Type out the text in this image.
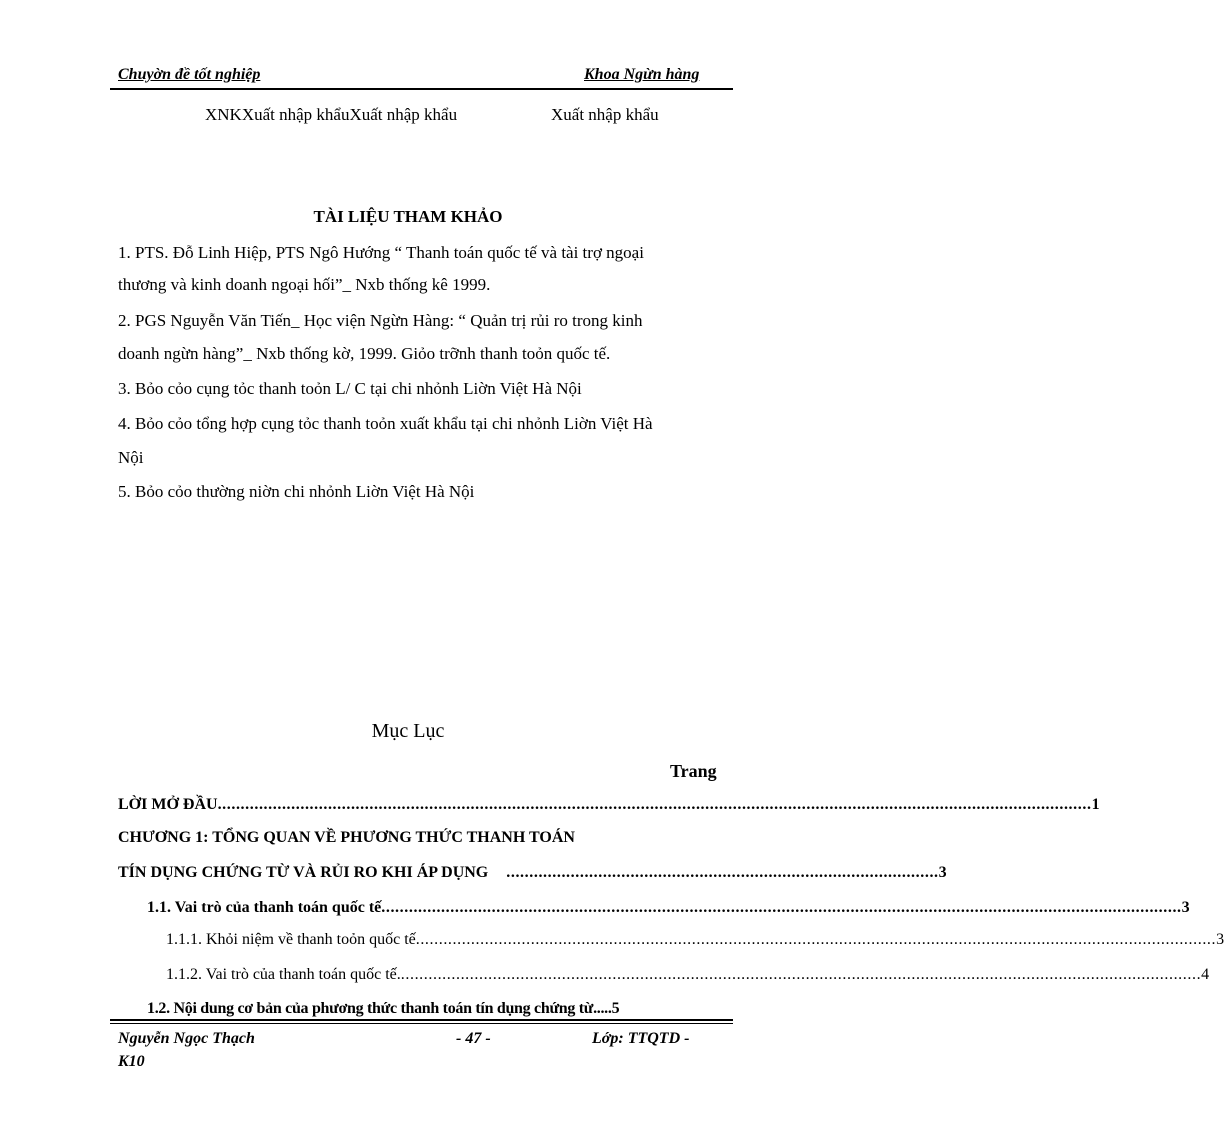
Chuyờn đề tốt nghiệp	Khoa Ngừn hàng
XNKXuất nhập khẩuXuất nhập khẩu	Xuất nhập khẩu
TÀI LIỆU THAM KHẢO
1. PTS. Đỗ Linh Hiệp, PTS Ngô Hướng “ Thanh toán quốc tế và tài trợ ngoại
thương và kinh doanh ngoại hối”_ Nxb thống kê 1999.
2. PGS Nguyễn Văn Tiến_ Học viện Ngừn Hàng: “ Quản trị rủi ro trong kinh
doanh ngừn hàng”_ Nxb thống kờ, 1999. Giỏo trỡnh thanh toỏn quốc tế.
3. Bỏo cỏo cụng tỏc thanh toỏn L/ C tại chi nhỏnh Liờn Việt Hà Nội
4. Bỏo cỏo tổng hợp cụng tỏc thanh toỏn xuất khẩu tại chi nhỏnh Liờn Việt Hà
Nội
5. Bỏo cỏo thường niờn chi nhỏnh Liờn Việt Hà Nội
Mục Lục
Trang
LỜI MỞ ĐẦU .............................................................................................................................................................................................. 1
CHƯƠNG 1: TỔNG QUAN VỀ PHƯƠNG THỨC THANH TOÁN
TÍN DỤNG CHỨNG TỪ VÀ RỦI RO KHI ÁP DỤNG .............................................................................................. 3
1.1. Vai trò của thanh toán quốc tế .............................................................................................................................................................................. 3
1.1.1. Khỏi niệm về thanh toỏn quốc tế .............................................................................................................................................................................. 3
1.1.2. Vai trò của thanh toán quốc tế. .............................................................................................................................................................................. 4
1.2. Nội dung cơ bản của phương thức thanh toán tín dụng chứng từ..... 5
Nguyễn Ngọc Thạch
K10
- 47 -	Lớp: TTQTD -
